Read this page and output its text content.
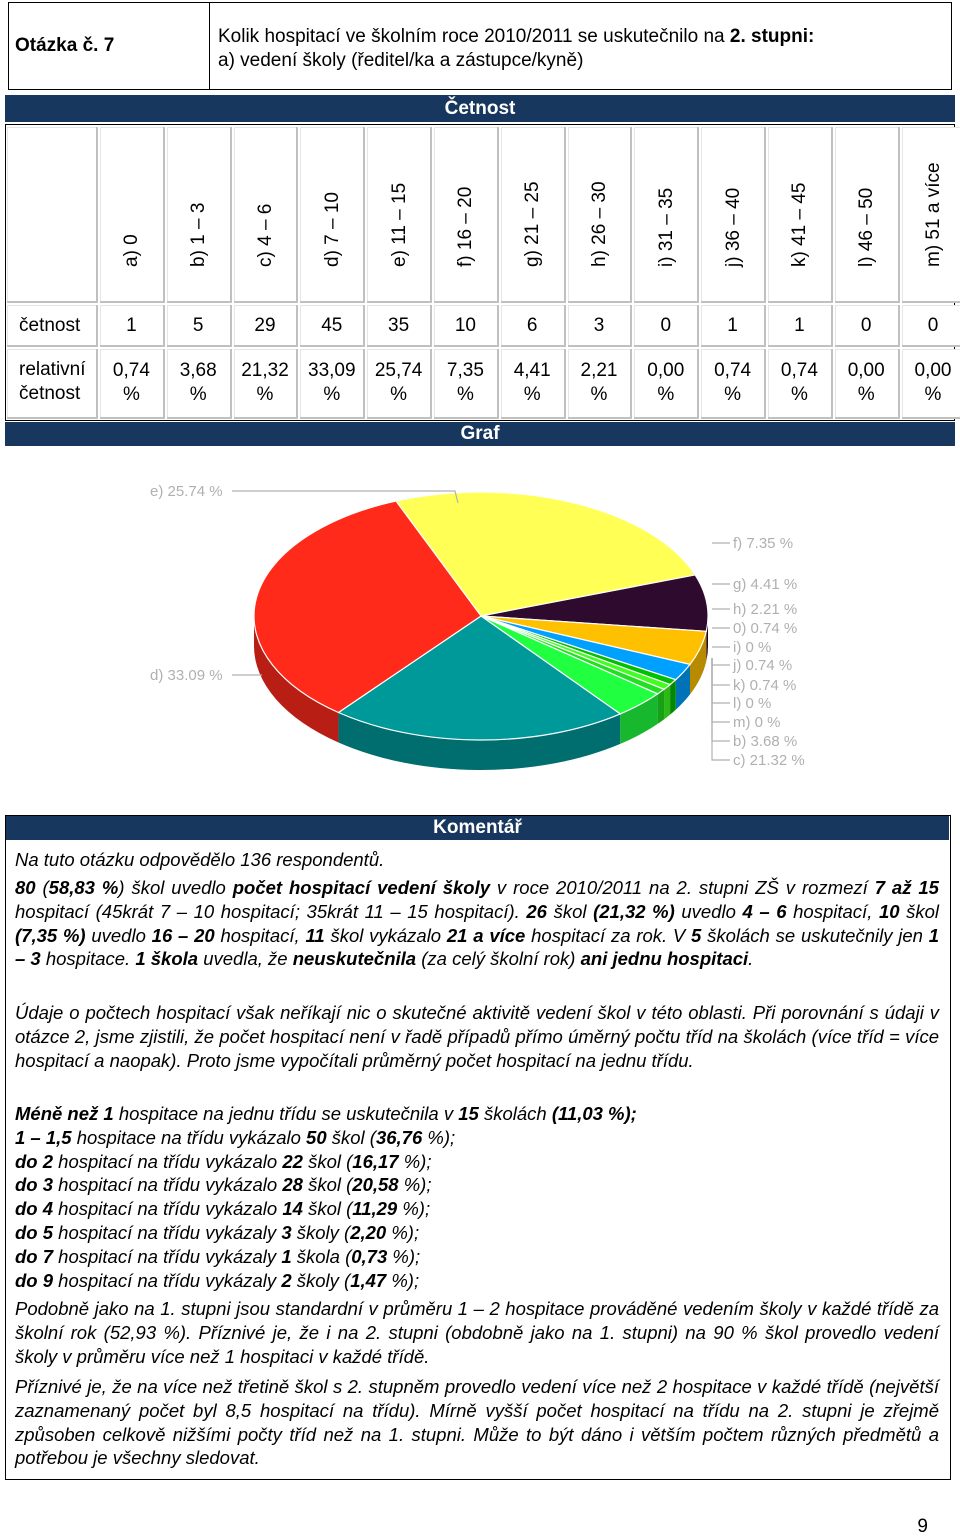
Otázka č. 7	Kolik hospitací ve školním roce 2010/2011 se uskutečnilo na 2. stupni:
a) vedení školy (ředitel/ka a zástupce/kyně)
Četnost
četnost
relativní
četnost
a) 0
1
0,74
%
b) 1 – 3
5
3,68
%
c) 4 – 6
29
21,32
%
d) 7 – 10
45
33,09
%
e) 11 – 15
35
25,74
%
f) 16 – 20
10
7,35
%
g) 21 – 25
6
4,41
%
h) 26 – 30
3
2,21
%
i) 31 – 35
0
0,00
%
j) 36 – 40
1
0,74
%
k) 41 – 45
1
0,74
%
l) 46 – 50
0
0,00
%
m) 51 a více
0
0,00
%
Graf
e) 25.74 %
f) 7.35 %
g) 4.41 %
h) 2.21 %
0) 0.74 %
i) 0 %
j) 0.74 %
k) 0.74 %
l) 0 %
m) 0 %
b) 3.68 %
c) 21.32 %
d) 33.09 %
Komentář

Na tuto otázku odpovědělo 136 respondentů.

80 (58,83 %) škol uvedlo počet hospitací vedení školy v roce 2010/2011 na 2. stupni ZŠ v rozmezí 7 až 15 hospitací (45krát 7 – 10 hospitací; 35krát 11 – 15 hospitací). 26 škol (21,32 %) uvedlo 4 – 6 hospitací, 10 škol (7,35 %) uvedlo 16 – 20 hospitací, 11 škol vykázalo 21 a více hospitací za rok. V 5 školách se uskutečnily jen 1 – 3 hospitace. 1 škola uvedla, že neuskutečnila (za celý školní rok) ani jednu hospitaci.

Údaje o počtech hospitací však neříkají nic o skutečné aktivitě vedení škol v této oblasti. Při porovnání s údaji v otázce 2, jsme zjistili, že počet hospitací není v řadě případů přímo úměrný počtu tříd na školách (více tříd = více hospitací a naopak). Proto jsme vypočítali průměrný počet hospitací na jednu třídu.

Méně než 1 hospitace na jednu třídu se uskutečnila v 15 školách (11,03 %);

1 – 1,5 hospitace na třídu vykázalo 50 škol (36,76 %);

do 2 hospitací na třídu vykázalo 22 škol (16,17 %);

do 3 hospitací na třídu vykázalo 28 škol (20,58 %);

do 4 hospitací na třídu vykázalo 14 škol (11,29 %);

do 5 hospitací na třídu vykázaly 3 školy (2,20 %);

do 7 hospitací na třídu vykázaly 1 škola (0,73 %);

do 9 hospitací na třídu vykázaly 2 školy (1,47 %);

Podobně jako na 1. stupni jsou standardní v průměru 1 – 2 hospitace prováděné vedením školy v každé třídě za školní rok (52,93 %). Příznivé je, že i na 2. stupni (obdobně jako na 1. stupni) na 90 % škol provedlo vedení školy v průměru více než 1 hospitaci v každé třídě.

Příznivé je, že na více než třetině škol s 2. stupněm provedlo vedení více než 2 hospitace v každé třídě (největší zaznamenaný počet byl 8,5 hospitací na třídu). Mírně vyšší počet hospitací na třídu na 2. stupni je zřejmě způsoben celkově nižšími počty tříd než na 1. stupni. Může to být dáno i větším počtem různých předmětů a potřebou je všechny sledovat.

9
